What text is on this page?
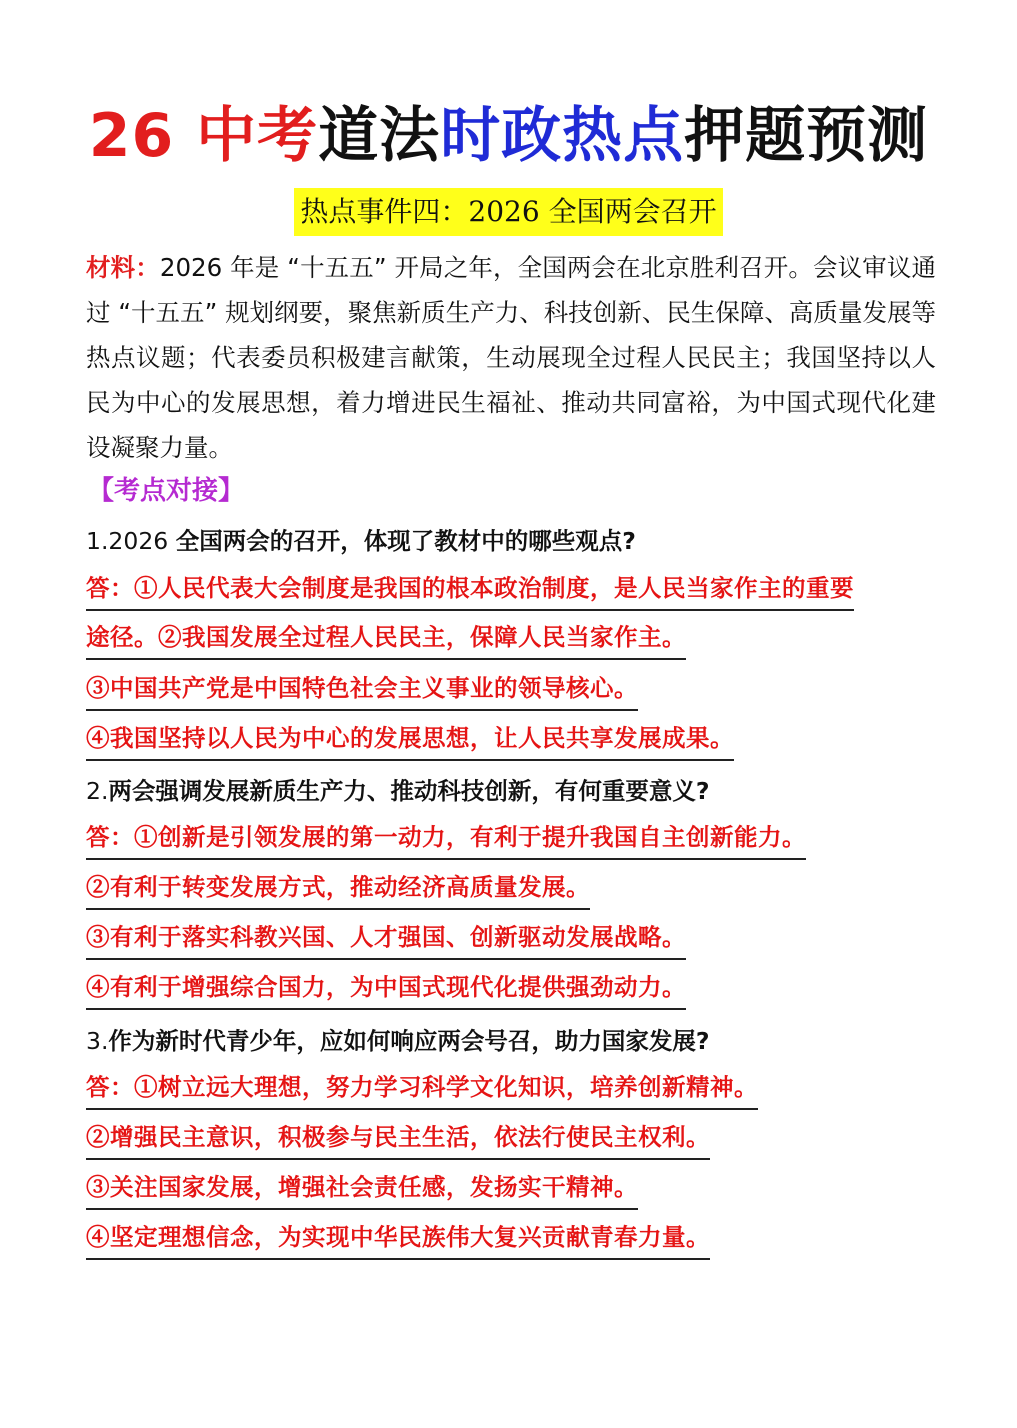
26 中考道法时政热点押题预测
热点事件四：2026 全国两会召开
材料：2026 年是 “十五五” 开局之年，全国两会在北京胜利召开。会议审议通过 “十五五” 规划纲要，聚焦新质生产力、科技创新、民生保障、高质量发展等热点议题；代表委员积极建言献策，生动展现全过程人民民主；我国坚持以人民为中心的发展思想，着力增进民生福祉、推动共同富裕，为中国式现代化建设凝聚力量。
【考点对接】
1.2026 全国两会的召开，体现了教材中的哪些观点?
答：①人民代表大会制度是我国的根本政治制度，是人民当家作主的重要
途径。②我国发展全过程人民民主，保障人民当家作主。
③中国共产党是中国特色社会主义事业的领导核心。
④我国坚持以人民为中心的发展思想，让人民共享发展成果。
2.两会强调发展新质生产力、推动科技创新，有何重要意义?
答：①创新是引领发展的第一动力，有利于提升我国自主创新能力。
②有利于转变发展方式，推动经济高质量发展。
③有利于落实科教兴国、人才强国、创新驱动发展战略。
④有利于增强综合国力，为中国式现代化提供强劲动力。
3.作为新时代青少年，应如何响应两会号召，助力国家发展?
答：①树立远大理想，努力学习科学文化知识，培养创新精神。
②增强民主意识，积极参与民主生活，依法行使民主权利。
③关注国家发展，增强社会责任感，发扬实干精神。
④坚定理想信念，为实现中华民族伟大复兴贡献青春力量。
